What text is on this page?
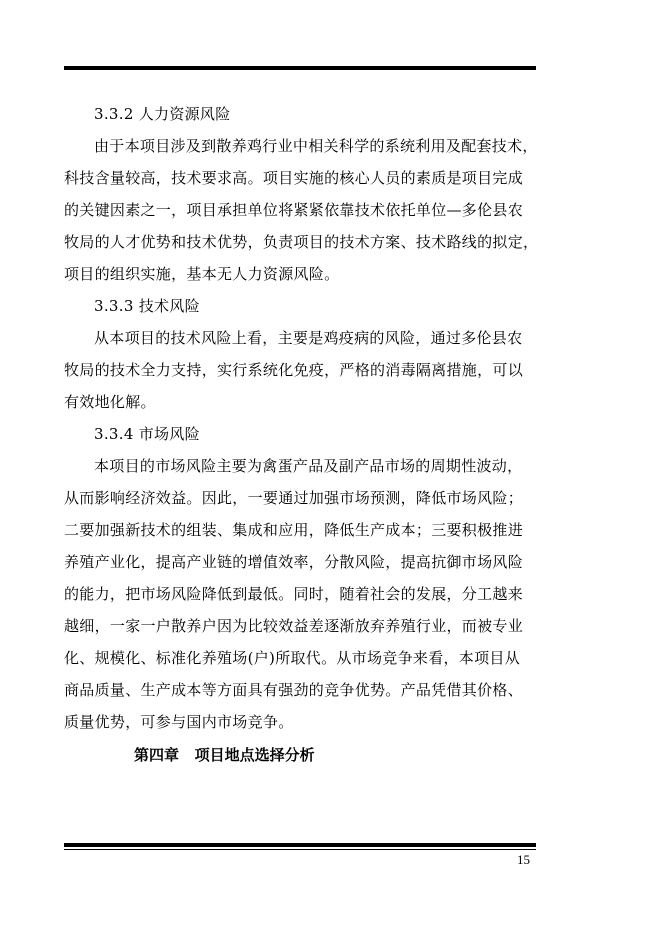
3.3.2 人力资源风险
由于本项目涉及到散养鸡行业中相关科学的系统利用及配套技术，
科技含量较高，技术要求高。项目实施的核心人员的素质是项目完成
的关键因素之一，项目承担单位将紧紧依靠技术依托单位—多伦县农
牧局的人才优势和技术优势，负责项目的技术方案、技术路线的拟定，
项目的组织实施，基本无人力资源风险。
3.3.3 技术风险
从本项目的技术风险上看，主要是鸡疫病的风险，通过多伦县农
牧局的技术全力支持，实行系统化免疫，严格的消毒隔离措施，可以
有效地化解。
3.3.4 市场风险
本项目的市场风险主要为禽蛋产品及副产品市场的周期性波动，
从而影响经济效益。因此，一要通过加强市场预测，降低市场风险；
二要加强新技术的组装、集成和应用，降低生产成本；三要积极推进
养殖产业化，提高产业链的增值效率，分散风险，提高抗御市场风险
的能力，把市场风险降低到最低。同时，随着社会的发展，分工越来
越细，一家一户散养户因为比较效益差逐渐放弃养殖行业，而被专业
化、规模化、标准化养殖场(户)所取代。从市场竞争来看，本项目从
商品质量、生产成本等方面具有强劲的竞争优势。产品凭借其价格、
质量优势，可参与国内市场竞争。
第四章   项目地点选择分析
15
